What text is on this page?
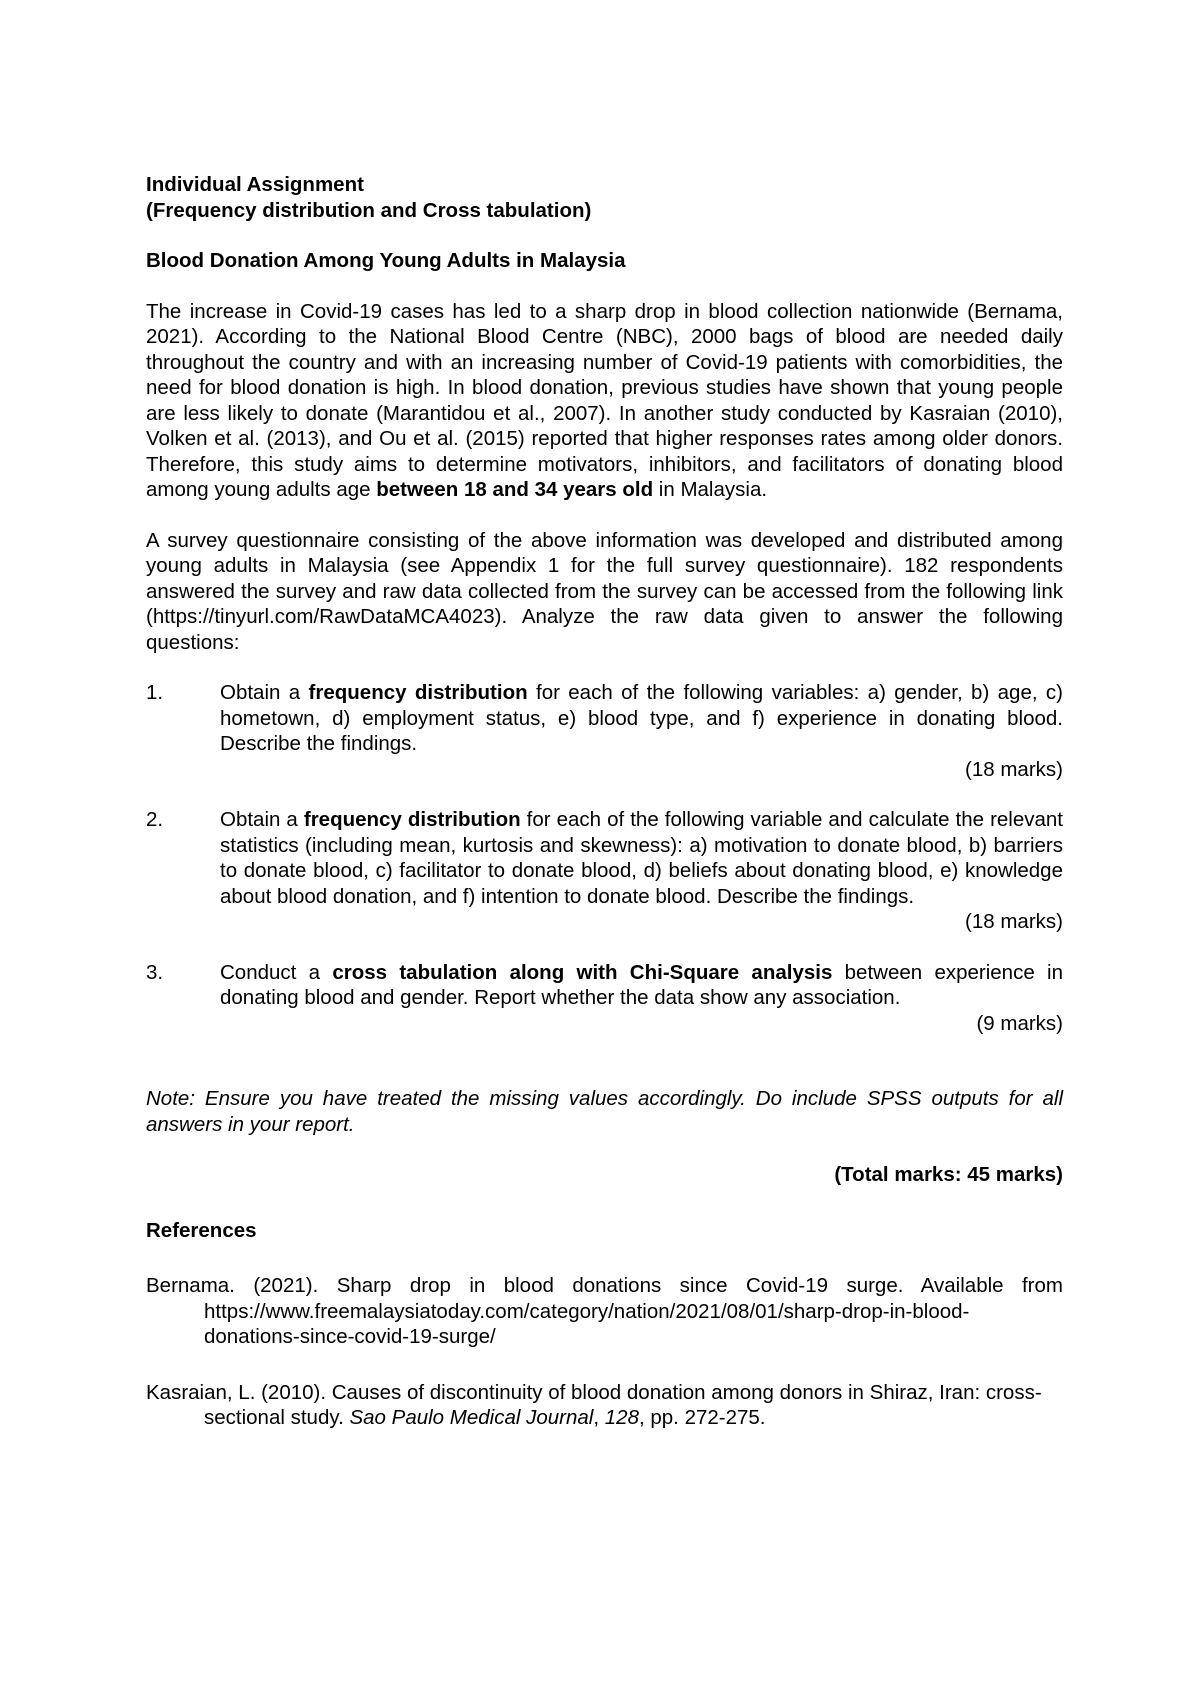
Individual Assignment

(Frequency distribution and Cross tabulation)

Blood Donation Among Young Adults in Malaysia

The increase in Covid-19 cases has led to a sharp drop in blood collection nationwide (Bernama, 2021). According to the National Blood Centre (NBC), 2000 bags of blood are needed daily throughout the country and with an increasing number of Covid-19 patients with comorbidities, the need for blood donation is high. In blood donation, previous studies have shown that young people are less likely to donate (Marantidou et al., 2007). In another study conducted by Kasraian (2010), Volken et al. (2013), and Ou et al. (2015) reported that higher responses rates among older donors. Therefore, this study aims to determine motivators, inhibitors, and facilitators of donating blood among young adults age between 18 and 34 years old in Malaysia.

A survey questionnaire consisting of the above information was developed and distributed among young adults in Malaysia (see Appendix 1 for the full survey questionnaire). 182 respondents answered the survey and raw data collected from the survey can be accessed from the following link (https://tinyurl.com/RawDataMCA4023). Analyze the raw data given to answer the following questions:

1.	Obtain a frequency distribution for each of the following variables: a) gender, b) age, c) hometown, d) employment status, e) blood type, and f) experience in donating blood. Describe the findings.

(18 marks)

2.	Obtain a frequency distribution for each of the following variable and calculate the relevant statistics (including mean, kurtosis and skewness): a) motivation to donate blood, b) barriers to donate blood, c) facilitator to donate blood, d) beliefs about donating blood, e) knowledge about blood donation, and f) intention to donate blood. Describe the findings.

(18 marks)

3.	Conduct a cross tabulation along with Chi-Square analysis between experience in donating blood and gender. Report whether the data show any association.

(9 marks)

Note: Ensure you have treated the missing values accordingly. Do include SPSS outputs for all answers in your report.

(Total marks: 45 marks)

References

Bernama. (2021). Sharp drop in blood donations since Covid-19 surge. Available from https://www.freemalaysiatoday.com/category/nation/2021/08/01/sharp-drop-in-blood-donations-since-covid-19-surge/

Kasraian, L. (2010). Causes of discontinuity of blood donation among donors in Shiraz, Iran: cross-sectional study. Sao Paulo Medical Journal, 128, pp. 272-275.
